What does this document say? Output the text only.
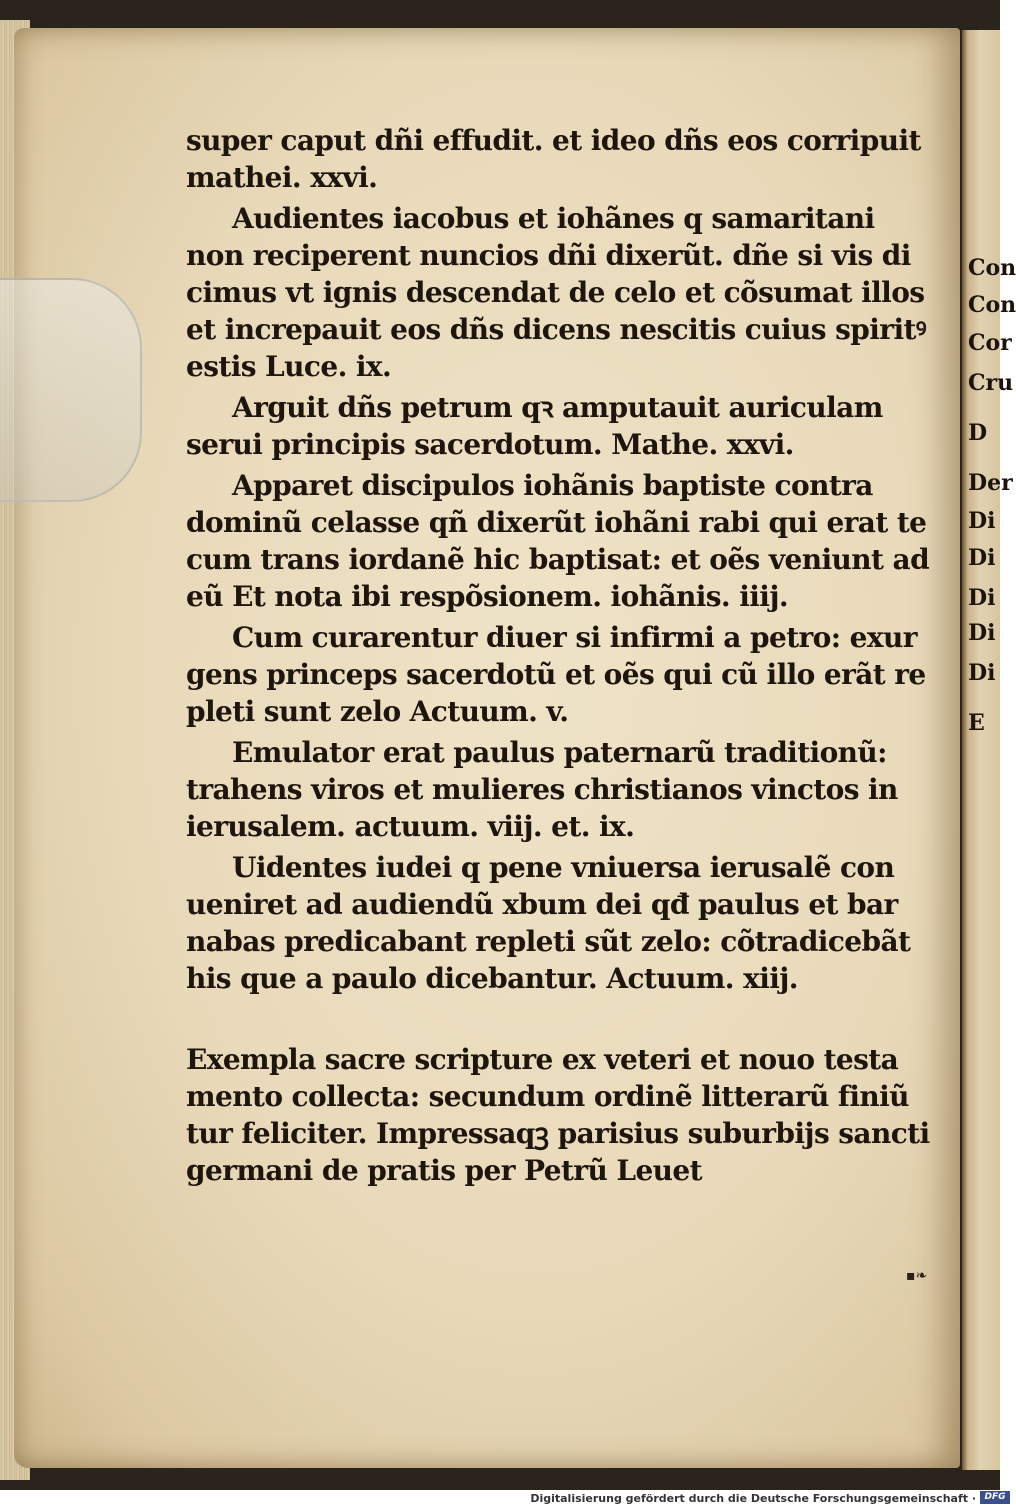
Con
Con
Cor
Cru
D
Der
Di
Di
Di
Di
Di
E
super caput dñi effudit. et ideo dñs eos corripuit
mathei. xxvi.
Audientes iacobus et iohãnes q samaritani
non reciperent nuncios dñi dixerũt. dñe si vis di
cimus vt ignis descendat de celo et cõsumat illos
et increpauit eos dñs dicens nescitis cuius spiritꝰ
estis Luce. ix.
Arguit dñs petrum qꝛ amputauit auriculam
serui principis sacerdotum. Mathe. xxvi.
Apparet discipulos iohãnis baptiste contra
dominũ celasse qñ dixerũt iohãni rabi qui erat te
cum trans iordanẽ hic baptisat: et oẽs veniunt ad
eũ Et nota ibi respõsionem. iohãnis. iiij.
Cum curarentur diuer si infirmi a petro: exur
gens princeps sacerdotũ et oẽs qui cũ illo erãt re
pleti sunt zelo Actuum. v.
Emulator erat paulus paternarũ traditionũ:
trahens viros et mulieres christianos vinctos in
ierusalem. actuum. viij. et. ix.
Uidentes iudei q pene vniuersa ierusalẽ con
ueniret ad audiendũ xbum dei qđ paulus et bar
nabas predicabant repleti sũt zelo: cõtradicebãt
his que a paulo dicebantur. Actuum. xiij.
Exempla sacre scripture ex veteri et nouo testa
mento collecta: secundum ordinẽ litterarũ finiũ
tur feliciter. Impressaqꝫ parisius suburbijs sancti
germani de pratis per Petrũ Leuet
▪❧
Digitalisierung gefördert durch die Deutsche Forschungsgemeinschaft · DFG
